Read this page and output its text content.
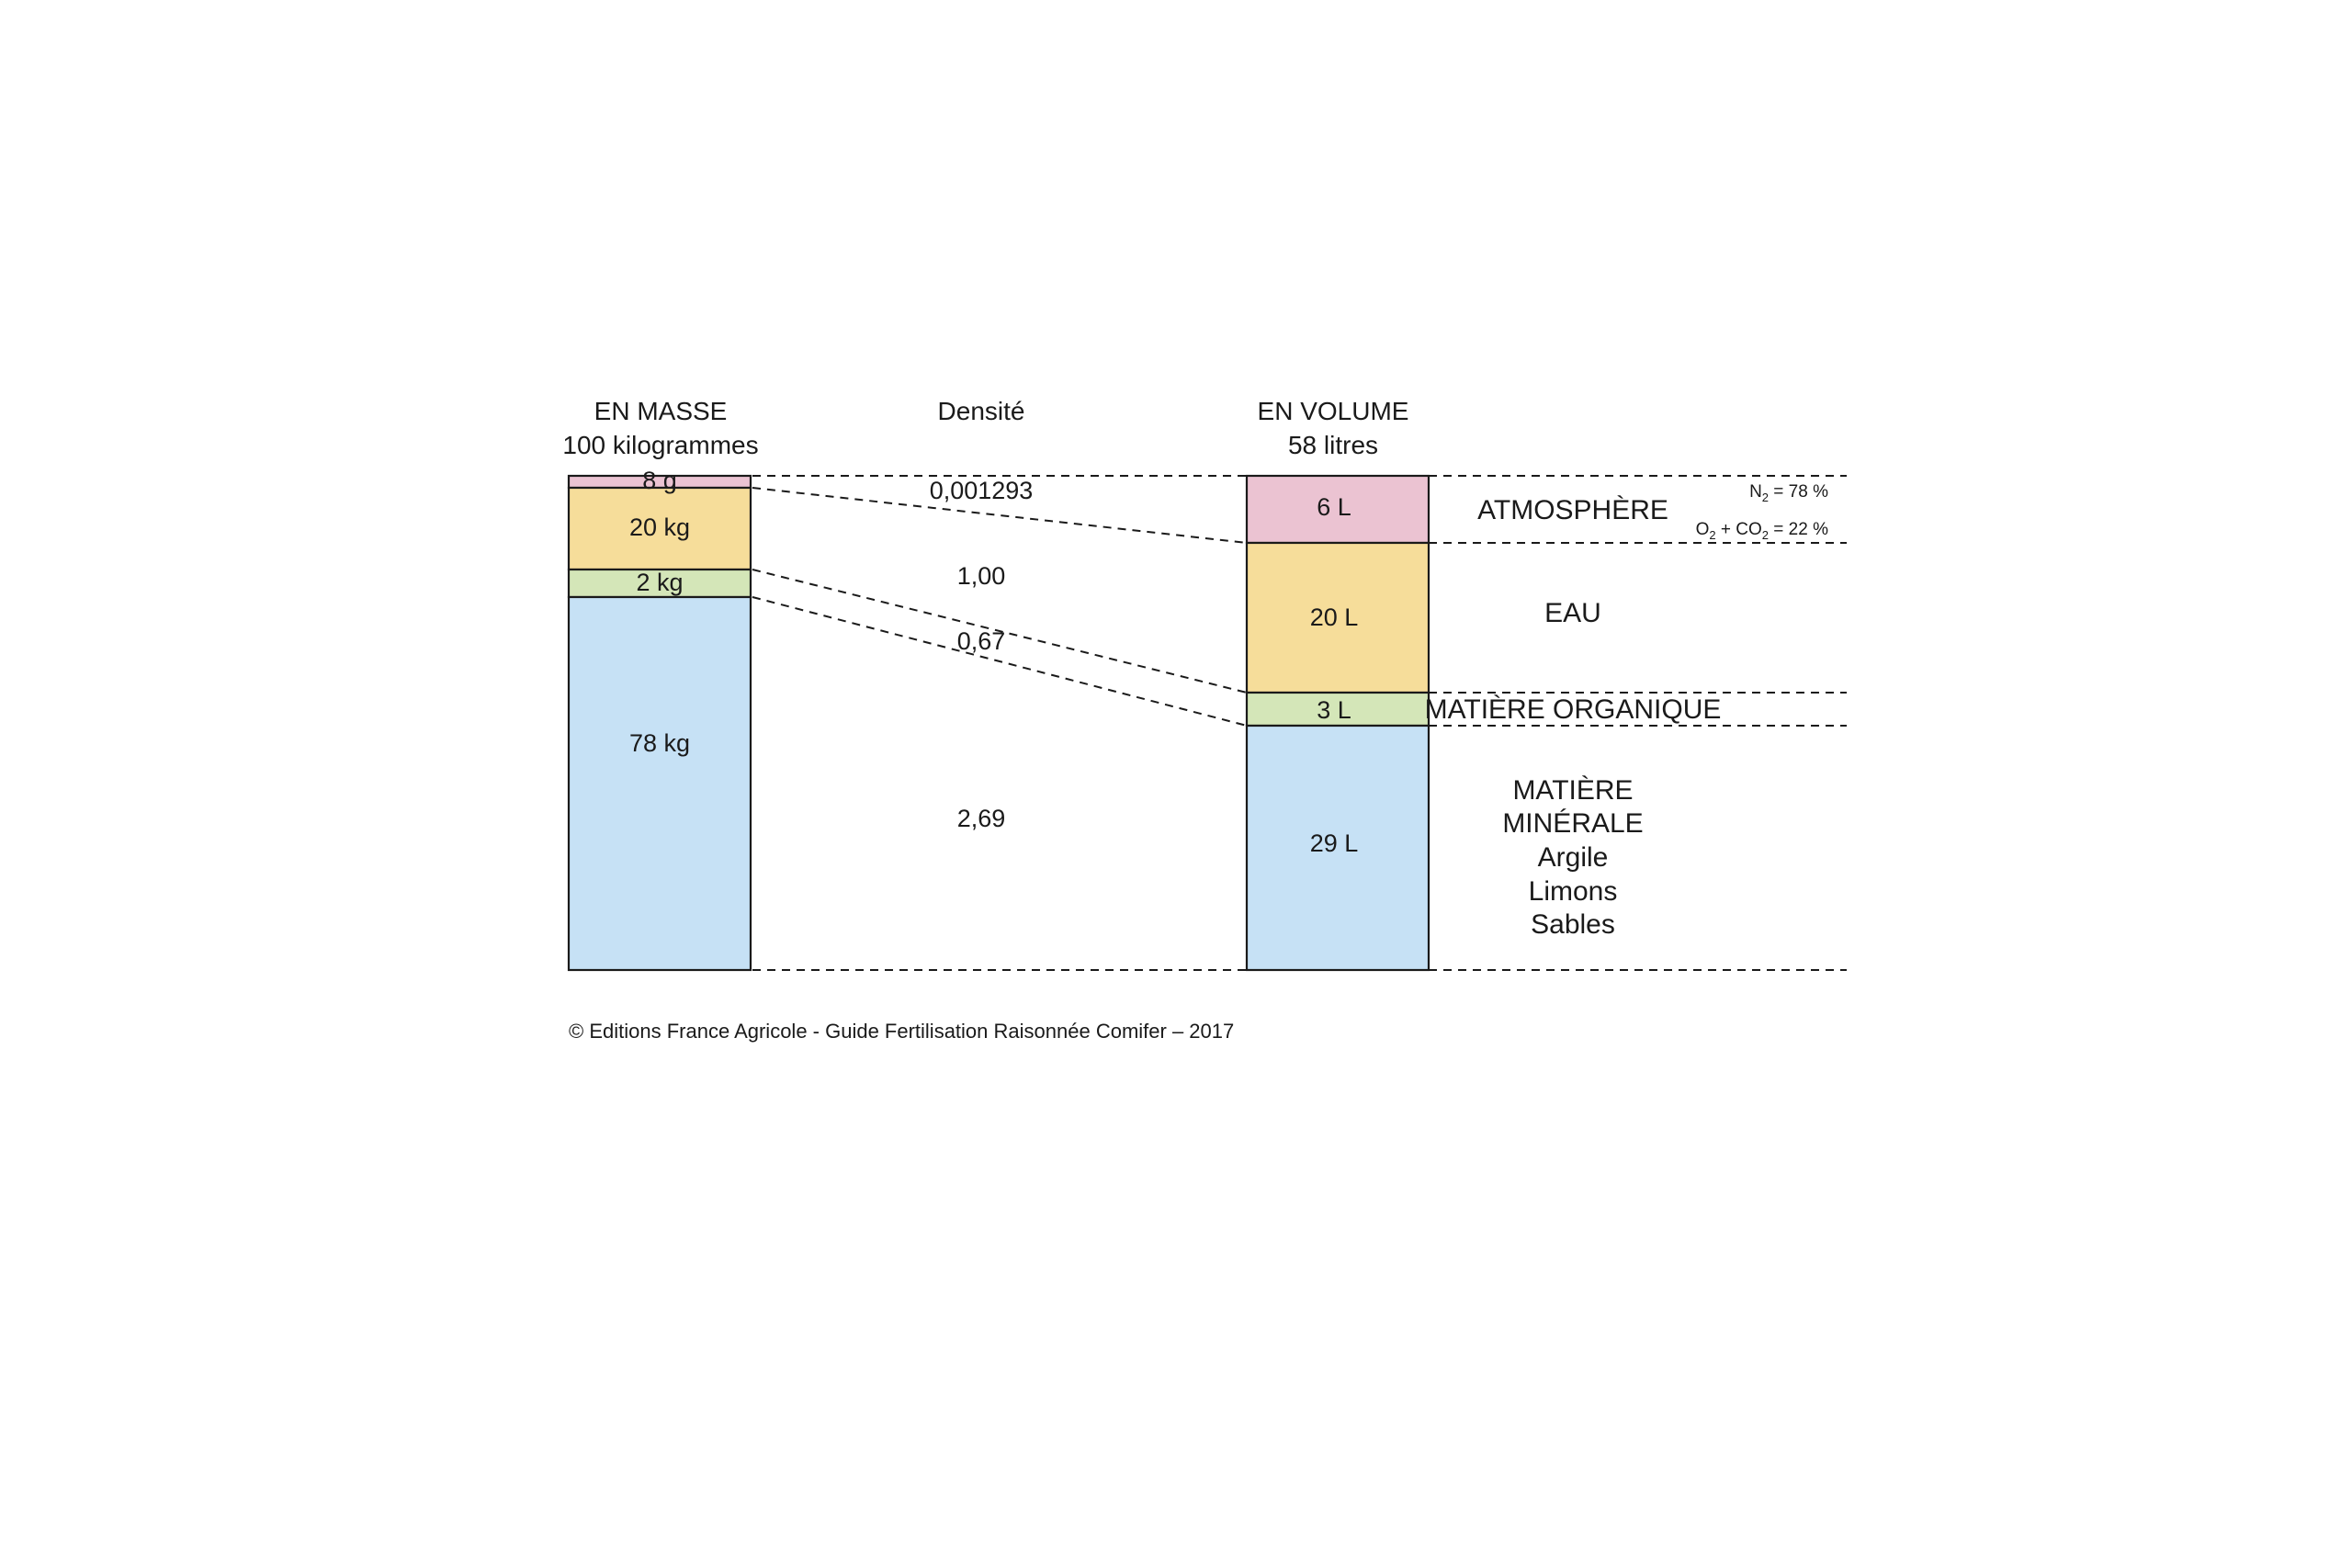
EN MASSE
100 kilogrammes
Densité	EN VOLUME
58 litres
8 g
20 kg
2 kg
78 kg
0,001293
1,00
0,67
2,69
6 L
20 L
3 L
29 L
ATMOSPHÈRE
EAU
MATIÈRE ORGANIQUE
MATIÈRE
MINÉRALE
Argile
Limons
Sables
$N_2 = 78$ %
$O_2 + CO_2 = 22$ %
© Editions France Agricole - Guide Fertilisation Raisonnée Comifer – 2017
